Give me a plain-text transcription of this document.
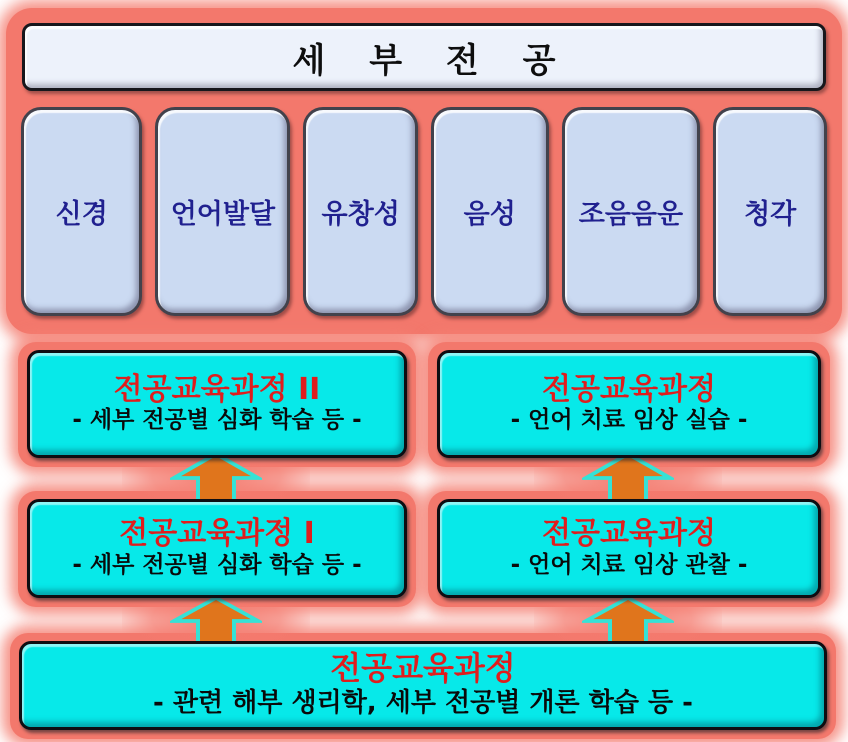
세 부 전 공
신경 언어발달 유창성 음성 조음음운 청각
전공교육과정 II
- 세부 전공별 심화 학습 등 -
전공교육과정
- 언어 치료 임상 실습 -
전공교육과정 I
- 세부 전공별 심화 학습 등 -
전공교육과정
- 언어 치료 임상 관찰 -
전공교육과정
- 관련 해부 생리학, 세부 전공별 개론 학습 등 -
